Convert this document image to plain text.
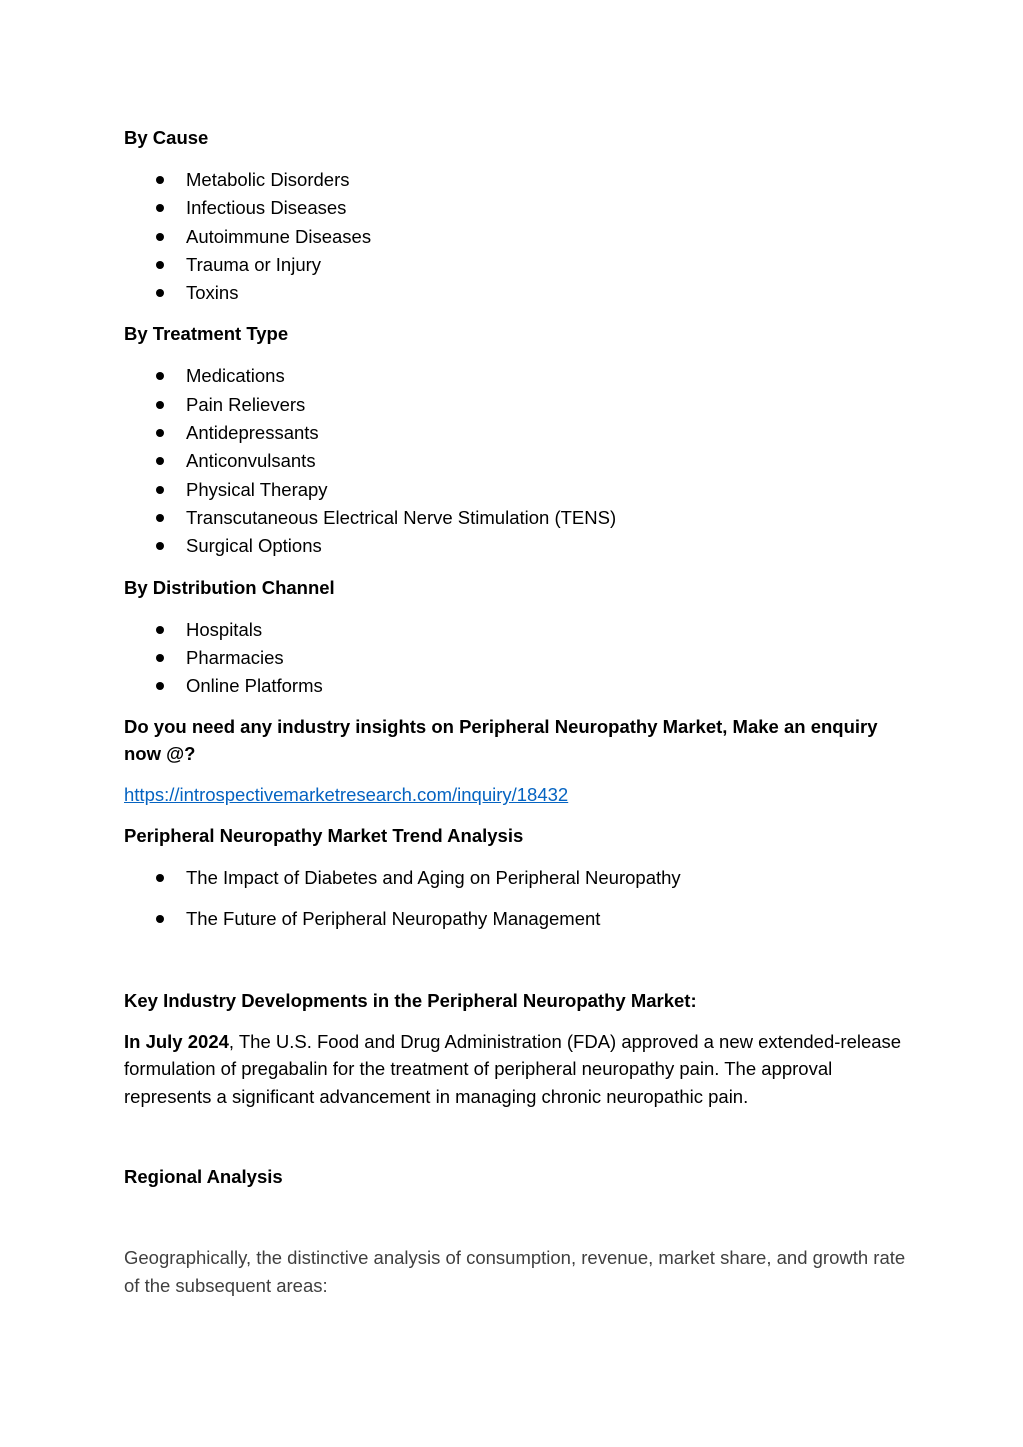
By Cause

Metabolic Disorders
Infectious Diseases
Autoimmune Diseases
Trauma or Injury
Toxins

By Treatment Type

Medications
Pain Relievers
Antidepressants
Anticonvulsants
Physical Therapy
Transcutaneous Electrical Nerve Stimulation (TENS)
Surgical Options

By Distribution Channel

Hospitals
Pharmacies
Online Platforms

Do you need any industry insights on Peripheral Neuropathy Market, Make an enquiry now @?

https://introspectivemarketresearch.com/inquiry/18432

Peripheral Neuropathy Market Trend Analysis

The Impact of Diabetes and Aging on Peripheral Neuropathy
The Future of Peripheral Neuropathy Management

Key Industry Developments in the Peripheral Neuropathy Market:

In July 2024, The U.S. Food and Drug Administration (FDA) approved a new extended-release formulation of pregabalin for the treatment of peripheral neuropathy pain. The approval represents a significant advancement in managing chronic neuropathic pain.

Regional Analysis

Geographically, the distinctive analysis of consumption, revenue, market share, and growth rate of the subsequent areas:
